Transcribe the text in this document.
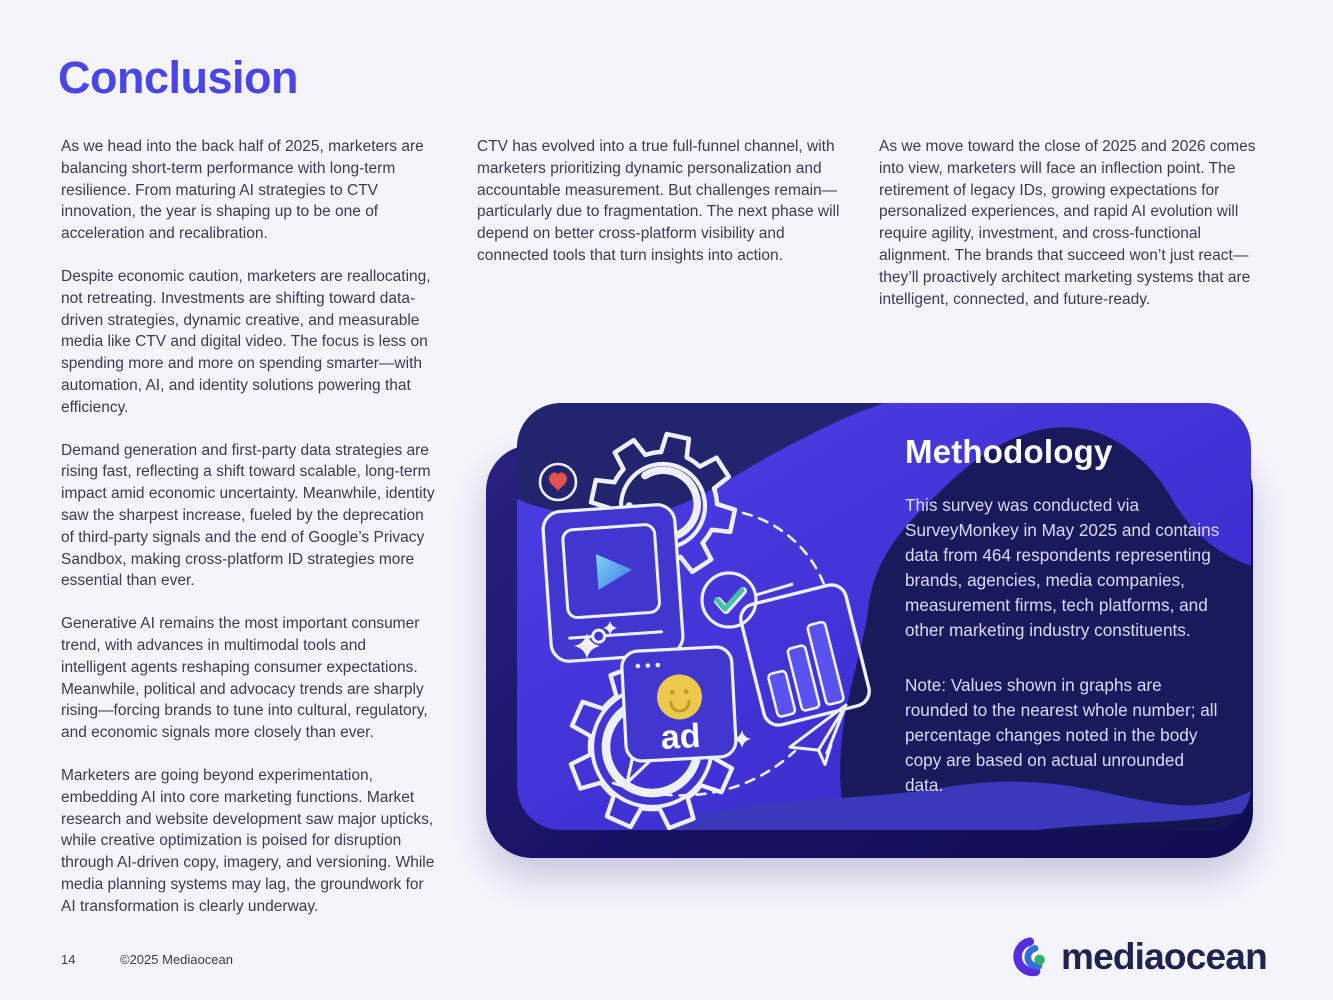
Conclusion

As we head into the back half of 2025, marketers are balancing short-term performance with long-term resilience. From maturing AI strategies to CTV innovation, the year is shaping up to be one of acceleration and recalibration.

Despite economic caution, marketers are reallocating, not retreating. Investments are shifting toward data-driven strategies, dynamic creative, and measurable media like CTV and digital video. The focus is less on spending more and more on spending smarter—with automation, AI, and identity solutions powering that efficiency.

Demand generation and first-party data strategies are rising fast, reflecting a shift toward scalable, long-term impact amid economic uncertainty. Meanwhile, identity saw the sharpest increase, fueled by the deprecation of third-party signals and the end of Google’s Privacy Sandbox, making cross-platform ID strategies more essential than ever.

Generative AI remains the most important consumer trend, with advances in multimodal tools and intelligent agents reshaping consumer expectations. Meanwhile, political and advocacy trends are sharply rising—forcing brands to tune into cultural, regulatory, and economic signals more closely than ever.

Marketers are going beyond experimentation, embedding AI into core marketing functions. Market research and website development saw major upticks, while creative optimization is poised for disruption through AI-driven copy, imagery, and versioning. While media planning systems may lag, the groundwork for AI transformation is clearly underway.

CTV has evolved into a true full-funnel channel, with marketers prioritizing dynamic personalization and accountable measurement. But challenges remain—particularly due to fragmentation. The next phase will depend on better cross-platform visibility and connected tools that turn insights into action.

As we move toward the close of 2025 and 2026 comes into view, marketers will face an inflection point. The retirement of legacy IDs, growing expectations for personalized experiences, and rapid AI evolution will require agility, investment, and cross-functional alignment. The brands that succeed won’t just react—they’ll proactively architect marketing systems that are intelligent, connected, and future-ready.

ad
Methodology

This survey was conducted via SurveyMonkey in May 2025 and contains data from 464 respondents representing brands, agencies, media companies, measurement firms, tech platforms, and other marketing industry constituents.

Note: Values shown in graphs are rounded to the nearest whole number; all percentage changes noted in the body copy are based on actual unrounded data.

14	©2025 Mediaocean	mediaocean
